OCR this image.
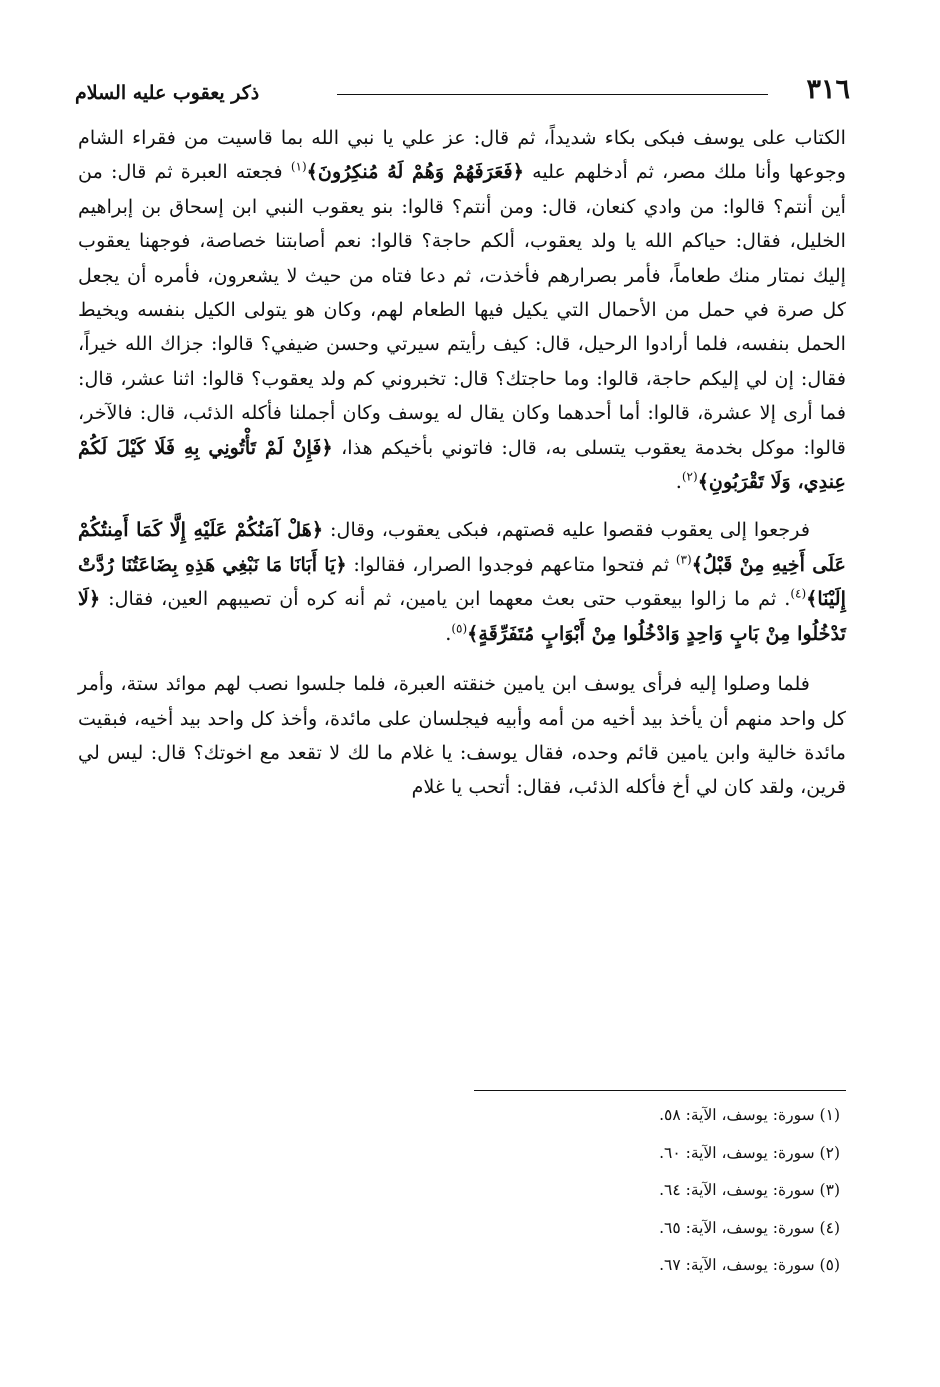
٣١٦
ذكر يعقوب عليه السلام

الكتاب على يوسف فبكى بكاء شديداً، ثم قال: عز علي يا نبي الله بما قاسيت من فقراء الشام وجوعها وأنا ملك مصر، ثم أدخلهم عليه ﴿فَعَرَفَهُمْ وَهُمْ لَهُ مُنكِرُونَ﴾$^{(١)}$ فجعته العبرة ثم قال: من أين أنتم؟ قالوا: من وادي كنعان، قال: ومن أنتم؟ قالوا: بنو يعقوب النبي ابن إسحاق بن إبراهيم الخليل، فقال: حياكم الله يا ولد يعقوب، ألكم حاجة؟ قالوا: نعم أصابتنا خصاصة، فوجهنا يعقوب إليك نمتار منك طعاماً، فأمر بصرارهم فأخذت، ثم دعا فتاه من حيث لا يشعرون، فأمره أن يجعل كل صرة في حمل من الأحمال التي يكيل فيها الطعام لهم، وكان هو يتولى الكيل بنفسه ويخيط الحمل بنفسه، فلما أرادوا الرحيل، قال: كيف رأيتم سيرتي وحسن ضيفي؟ قالوا: جزاك الله خيراً، فقال: إن لي إليكم حاجة، قالوا: وما حاجتك؟ قال: تخبروني كم ولد يعقوب؟ قالوا: اثنا عشر، قال: فما أرى إلا عشرة، قالوا: أما أحدهما وكان يقال له يوسف وكان أجملنا فأكله الذئب، قال: فالآخر، قالوا: موكل بخدمة يعقوب يتسلى به، قال: فاتوني بأخيكم هذا، ﴿فَإِنْ لَمْ تَأْتُونِي بِهِ فَلَا كَيْلَ لَكُمْ عِندِي، وَلَا تَقْرَبُونِ﴾$^{(٢)}$.

فرجعوا إلى يعقوب فقصوا عليه قصتهم، فبكى يعقوب، وقال: ﴿هَلْ آمَنُكُمْ عَلَيْهِ إِلَّا كَمَا أَمِنتُكُمْ عَلَى أَخِيهِ مِنْ قَبْلُ﴾$^{(٣)}$ ثم فتحوا متاعهم فوجدوا الصرار، فقالوا: ﴿يَا أَبَانَا مَا نَبْغِي هَذِهِ بِضَاعَتُنَا رُدَّتْ إِلَيْنَا﴾$^{(٤)}$. ثم ما زالوا بيعقوب حتى بعث معهما ابن يامين، ثم أنه كره أن تصيبهم العين، فقال: ﴿لَا تَدْخُلُوا مِنْ بَابٍ وَاحِدٍ وَادْخُلُوا مِنْ أَبْوَابٍ مُتَفَرِّقَةٍ﴾$^{(٥)}$.

فلما وصلوا إليه فرأى يوسف ابن يامين خنقته العبرة، فلما جلسوا نصب لهم موائد ستة، وأمر كل واحد منهم أن يأخذ بيد أخيه من أمه وأبيه فيجلسان على مائدة، وأخذ كل واحد بيد أخيه، فبقيت مائدة خالية وابن يامين قائم وحده، فقال يوسف: يا غلام ما لك لا تقعد مع اخوتك؟ قال: ليس لي قرين، ولقد كان لي أخ فأكله الذئب، فقال: أتحب يا غلام

(١) سورة: يوسف، الآية: ٥٨.

(٢) سورة: يوسف، الآية: ٦٠.

(٣) سورة: يوسف، الآية: ٦٤.

(٤) سورة: يوسف، الآية: ٦٥.

(٥) سورة: يوسف، الآية: ٦٧.
